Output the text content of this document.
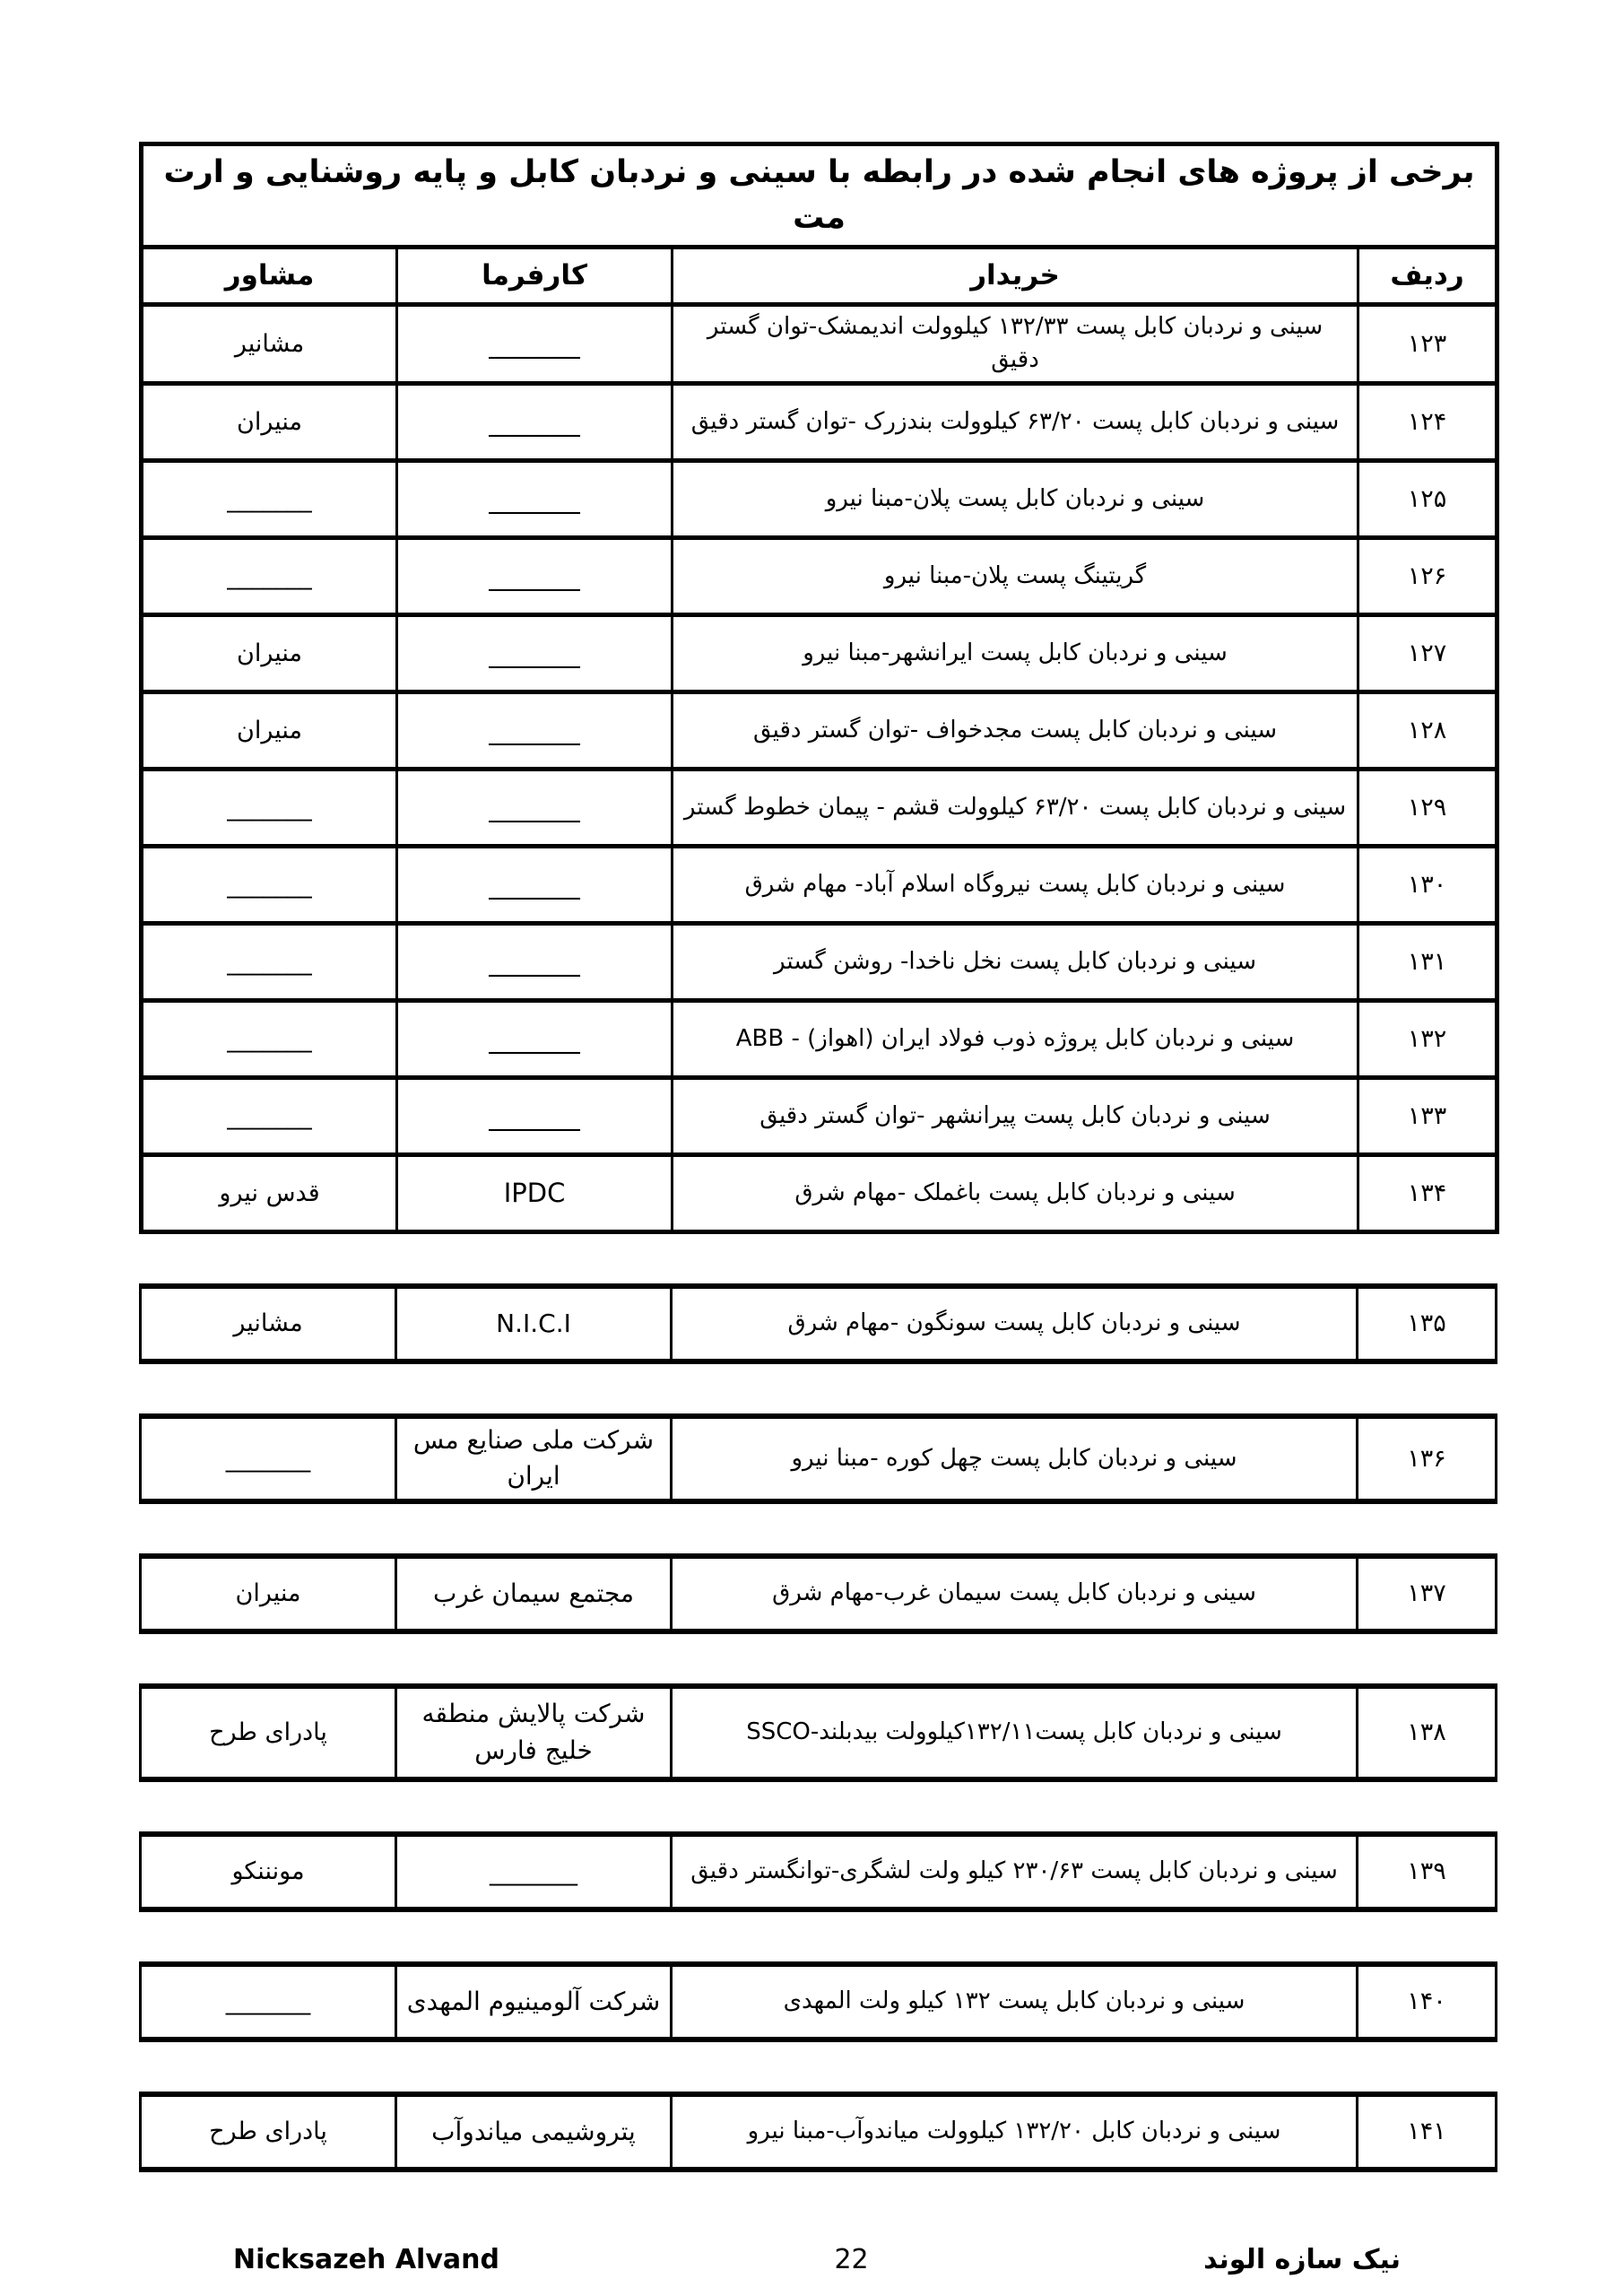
برخی از پروژه های انجام شده در رابطه با سینی و نردبان کابل و پایه روشنایی و ارت مت			
ردیف	خریدار	کارفرما	مشاور
۱۲۳	سینی و نردبان کابل پست ۱۳۲/۳۳ کیلوولت اندیمشک-توان گستر دقیق	_______	مشانیر
۱۲۴	سینی و نردبان کابل پست ۶۳/۲۰ کیلوولت بندزرک -توان گستر دقیق	_______	منیران
۱۲۵	سینی و نردبان کابل پست پلان-مبنا نیرو	_______	_______
۱۲۶	گریتینگ پست پلان-مبنا نیرو	_______	_______
۱۲۷	سینی و نردبان کابل پست ایرانشهر-مبنا نیرو	_______	منیران
۱۲۸	سینی و نردبان کابل پست مجدخواف -توان گستر دقیق	_______	منیران
۱۲۹	سینی و نردبان کابل پست ۶۳/۲۰ کیلوولت قشم - پیمان خطوط گستر	_______	_______
۱۳۰	سینی و نردبان کابل پست نیروگاه اسلام آباد- مهام شرق	_______	_______
۱۳۱	سینی و نردبان کابل پست نخل ناخدا- روشن گستر	_______	_______
۱۳۲	سینی و نردبان کابل پروژه ذوب فولاد ایران (اهواز) - ABB	_______	_______
۱۳۳	سینی و نردبان کابل پست پیرانشهر -توان گستر دقیق	_______	_______
۱۳۴	سینی و نردبان کابل پست باغملک -مهام شرق	IPDC	قدس نیرو
۱۳۵	سینی و نردبان کابل پست سونگون -مهام شرق	N.I.C.I	مشانیر
۱۳۶	سینی و نردبان کابل پست چهل کوره -مبنا نیرو	شرکت ملی صنایع مس ایران	_______
۱۳۷	سینی و نردبان کابل پست سیمان غرب-مهام شرق	مجتمع سیمان غرب	منیران
۱۳۸	سینی و نردبان کابل پست۱۳۲/۱۱کیلوولت بیدبلند-SSCO	شرکت پالایش منطقه خلیج فارس	پادرای طرح
۱۳۹	سینی و نردبان کابل پست ۲۳۰/۶۳ کیلو ولت لشگری-توانگستر دقیق	_______	مونننکو
۱۴۰	سینی و نردبان کابل پست ۱۳۲ کیلو ولت المهدی	شرکت آلومینیوم المهدی	_______
۱۴۱	سینی و نردبان کابل ۱۳۲/۲۰ کیلوولت میاندوآب-مبنا نیرو	پتروشیمی میاندوآب	پادرای طرح
Nicksazeh Alvand	22	نیک سازه الوند
